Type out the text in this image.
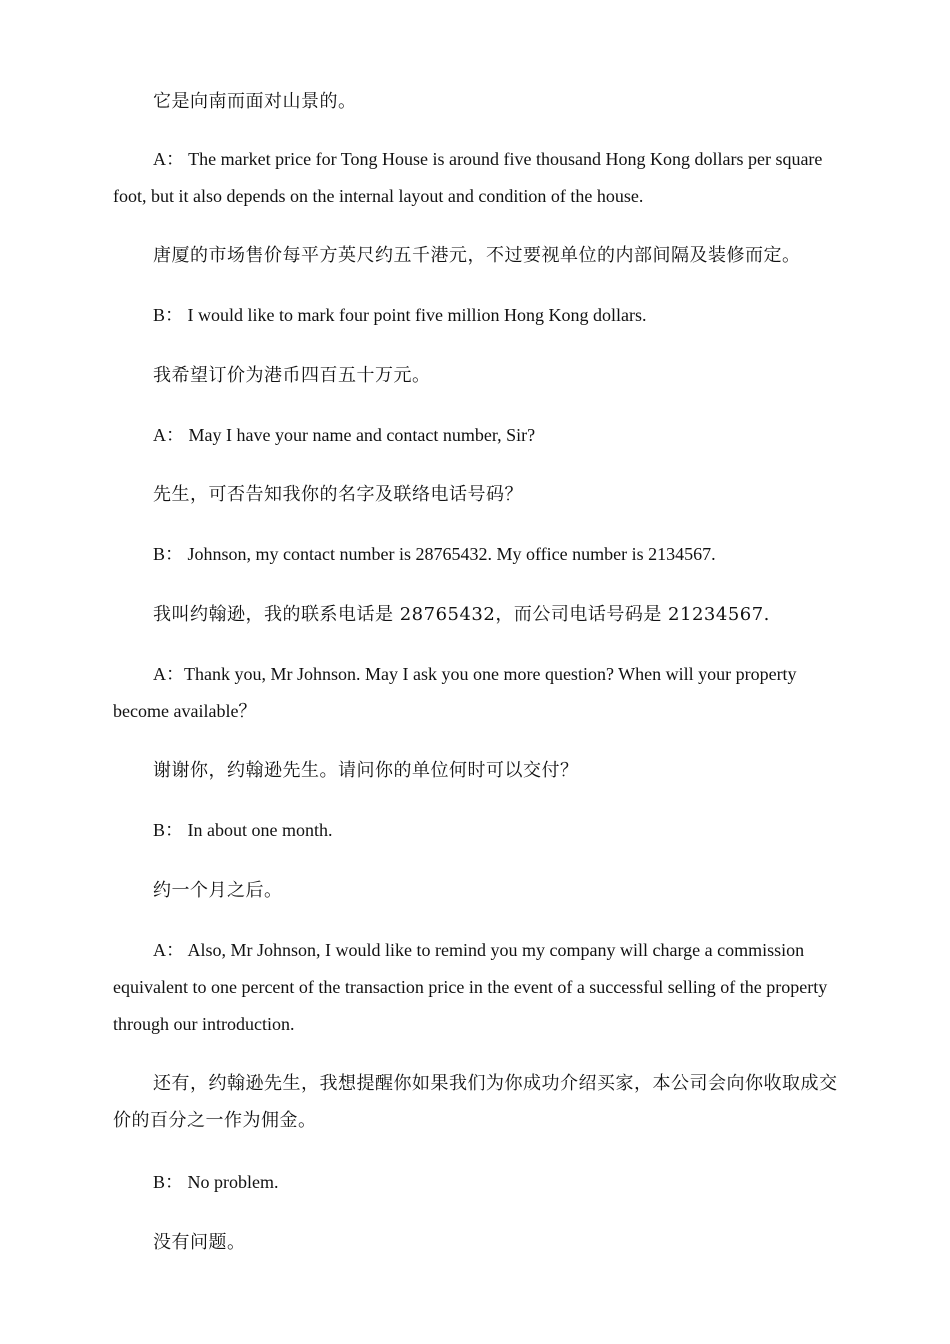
它是向南而面对山景的。

A： The market price for Tong House is around five thousand Hong Kong dollars per square foot, but it also depends on the internal layout and condition of the house.

唐厦的市场售价每平方英尺约五千港元，不过要视单位的内部间隔及装修而定。

B： I would like to mark four point five million Hong Kong dollars.

我希望订价为港币四百五十万元。

A： May I have your name and contact number, Sir?

先生，可否告知我你的名字及联络电话号码？

B： Johnson, my contact number is 28765432. My office number is 2134567.

我叫约翰逊，我的联系电话是 28765432，而公司电话号码是 21234567.

A：Thank you, Mr Johnson. May I ask you one more question? When will your property become available？

谢谢你，约翰逊先生。请问你的单位何时可以交付？

B： In about one month.

约一个月之后。

A： Also, Mr Johnson, I would like to remind you my company will charge a commission equivalent to one percent of the transaction price in the event of a successful selling of the property through our introduction.

还有，约翰逊先生，我想提醒你如果我们为你成功介绍买家，本公司会向你收取成交价的百分之一作为佣金。

B： No problem.

没有问题。
